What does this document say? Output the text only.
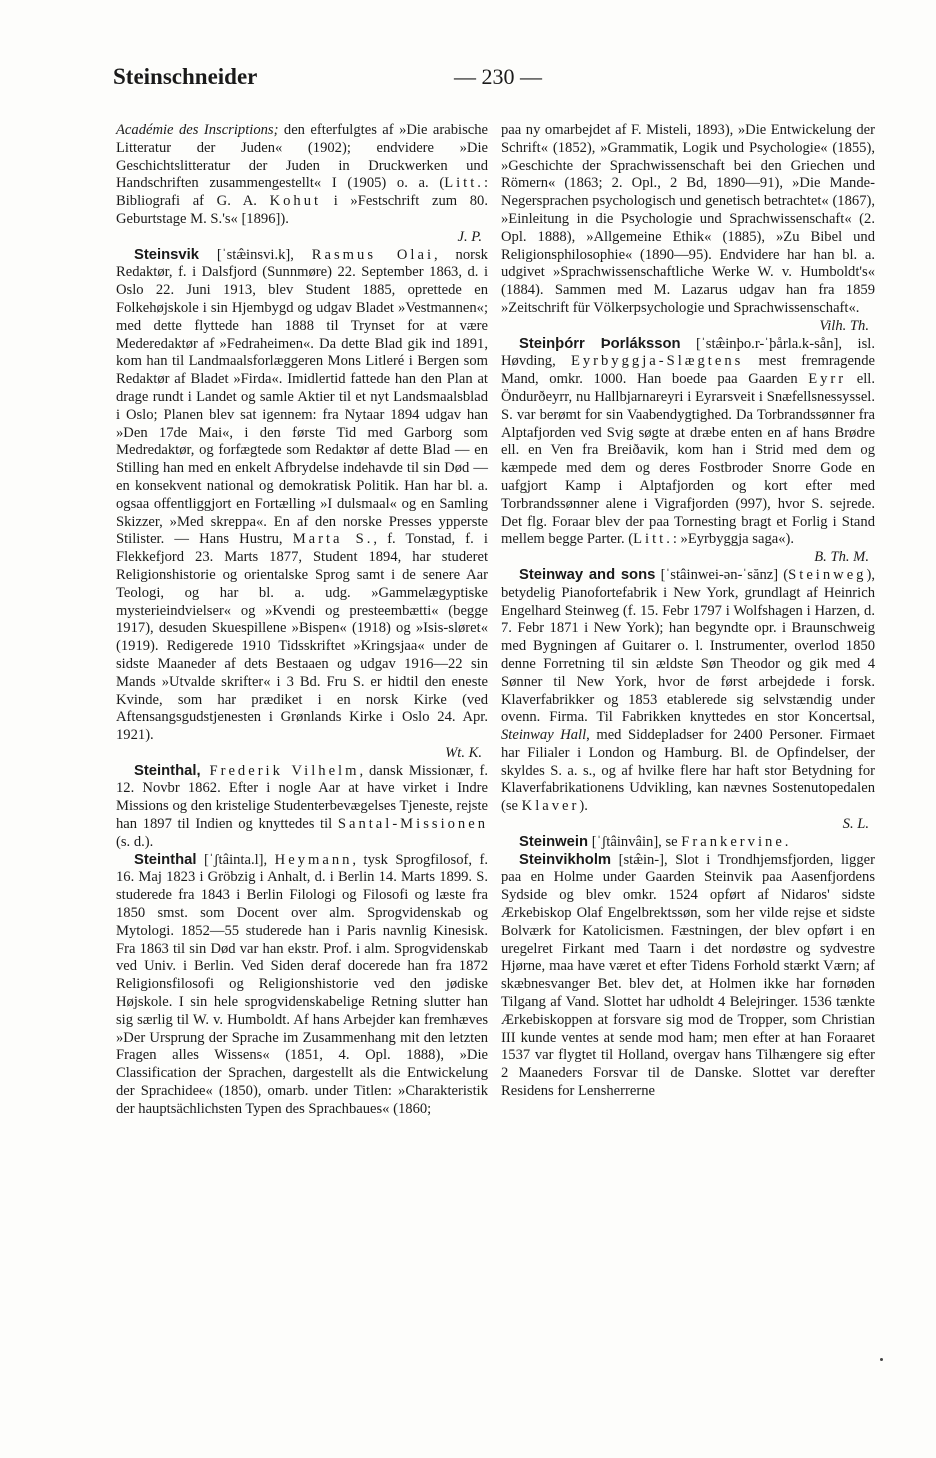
Steinschneider	— 230 —

Académie des Inscriptions; den efterfulgtes af »Die arabische Litteratur der Juden« (1902); endvidere »Die Geschichtslitteratur der Juden in Druckwerken und Handschriften zusammengestellt« I (1905) o. a. (Litt.: Bibliografi af G. A. Kohut i »Festschrift zum 80. Geburtstage M. S.'s« [1896]).

J. P.

Steinsvik [ˈstæ̂insvi.k], Rasmus Olai, norsk Redaktør, f. i Dalsfjord (Sunnmøre) 22. September 1863, d. i Oslo 22. Juni 1913, blev Student 1885, oprettede en Folkehøjskole i sin Hjembygd og udgav Bladet »Vestmannen«; med dette flyttede han 1888 til Trynset for at være Mederedaktør af »Fedraheimen«. Da dette Blad gik ind 1891, kom han til Landmaalsforlæggeren Mons Litleré i Bergen som Redaktør af Bladet »Firda«. Imidlertid fattede han den Plan at drage rundt i Landet og samle Aktier til et nyt Landsmaalsblad i Oslo; Planen blev sat igennem: fra Nytaar 1894 udgav han »Den 17de Mai«, i den første Tid med Garborg som Medredaktør, og forfægtede som Redaktør af dette Blad — en Stilling han med en enkelt Afbrydelse indehavde til sin Død — en konsekvent national og demokratisk Politik. Han har bl. a. ogsaa offentliggjort en Fortælling »I dulsmaal« og en Samling Skizzer, »Med skreppa«. En af den norske Presses ypperste Stilister. — Hans Hustru, Marta S., f. Tonstad, f. i Flekkefjord 23. Marts 1877, Student 1894, har studeret Religionshistorie og orientalske Sprog samt i de senere Aar Teologi, og har bl. a. udg. »Gammelægyptiske mysterieindvielser« og »Kvendi og presteembætti« (begge 1917), desuden Skuespillene »Bispen« (1918) og »Isis-sløret« (1919). Redigerede 1910 Tidsskriftet »Kringsjaa« under de sidste Maaneder af dets Bestaaen og udgav 1916—22 sin Mands »Utvalde skrifter« i 3 Bd. Fru S. er hidtil den eneste Kvinde, som har prædiket i en norsk Kirke (ved Aftensangsgudstjenesten i Grønlands Kirke i Oslo 24. Apr. 1921).

Wt. K.

Steinthal, Frederik Vilhelm, dansk Missionær, f. 12. Novbr 1862. Efter i nogle Aar at have virket i Indre Missions og den kristelige Studenterbevægelses Tjeneste, rejste han 1897 til Indien og knyttedes til Santal-Missionen (s. d.).

Steinthal [ˈʃtâinta.l], Heymann, tysk Sprogfilosof, f. 16. Maj 1823 i Gröbzig i Anhalt, d. i Berlin 14. Marts 1899. S. studerede fra 1843 i Berlin Filologi og Filosofi og læste fra 1850 smst. som Docent over alm. Sprogvidenskab og Mytologi. 1852—55 studerede han i Paris navnlig Kinesisk. Fra 1863 til sin Død var han ekstr. Prof. i alm. Sprogvidenskab ved Univ. i Berlin. Ved Siden deraf docerede han fra 1872 Religionsfilosofi og Religionshistorie ved den jødiske Højskole. I sin hele sprogvidenskabelige Retning slutter han sig særlig til W. v. Humboldt. Af hans Arbejder kan fremhæves »Der Ursprung der Sprache im Zusammenhang mit den letzten Fragen alles Wissens« (1851, 4. Opl. 1888), »Die Classification der Sprachen, dargestellt als die Entwickelung der Sprachidee« (1850), omarb. under Titlen: »Charakteristik der hauptsächlichsten Typen des Sprachbaues« (1860;

paa ny omarbejdet af F. Misteli, 1893), »Die Entwickelung der Schrift« (1852), »Grammatik, Logik und Psychologie« (1855), »Geschichte der Sprachwissenschaft bei den Griechen und Römern« (1863; 2. Opl., 2 Bd, 1890—91), »Die Mande-Negersprachen psychologisch und genetisch betrachtet« (1867), »Einleitung in die Psychologie und Sprachwissenschaft« (2. Opl. 1888), »Allgemeine Ethik« (1885), »Zu Bibel und Religionsphilosophie« (1890—95). Endvidere har han bl. a. udgivet »Sprachwissenschaftliche Werke W. v. Humboldt's« (1884). Sammen med M. Lazarus udgav han fra 1859 »Zeitschrift für Völkerpsychologie und Sprachwissenschaft«.

Vilh. Th.

Steinþórr Þorláksson [ˈstæ̂inþo.r-ˈþårla.k-sån], isl. Høvding, Eyrbyggja-Slægtens mest fremragende Mand, omkr. 1000. Han boede paa Gaarden Eyrr ell. Öndurðeyrr, nu Hallbjarnareyri i Eyrarsveit i Snæfellsnessyssel. S. var berømt for sin Vaabendygtighed. Da Torbrandssønner fra Alptafjorden ved Svig søgte at dræbe enten en af hans Brødre ell. en Ven fra Breiðavik, kom han i Strid med dem og kæmpede med dem og deres Fostbroder Snorre Gode en uafgjort Kamp i Alptafjorden og kort efter med Torbrandssønner alene i Vigrafjorden (997), hvor S. sejrede. Det flg. Foraar blev der paa Tornesting bragt et Forlig i Stand mellem begge Parter. (Litt.: »Eyrbyggja saga«).

B. Th. M.

Steinway and sons [ˈstâinwei-ən-ˈsănz] (Steinweg), betydelig Pianofortefabrik i New York, grundlagt af Heinrich Engelhard Steinweg (f. 15. Febr 1797 i Wolfshagen i Harzen, d. 7. Febr 1871 i New York); han begyndte opr. i Braunschweig med Bygningen af Guitarer o. l. Instrumenter, overlod 1850 denne Forretning til sin ældste Søn Theodor og gik med 4 Sønner til New York, hvor de først arbejdede i forsk. Klaverfabrikker og 1853 etablerede sig selvstændig under ovenn. Firma. Til Fabrikken knyttedes en stor Koncertsal, Steinway Hall, med Siddepladser for 2400 Personer. Firmaet har Filialer i London og Hamburg. Bl. de Opfindelser, der skyldes S. a. s., og af hvilke flere har haft stor Betydning for Klaverfabrikationens Udvikling, kan nævnes Sostenutopedalen (se Klaver).

S. L.

Steinwein [ˈʃtâinvâin], se Frankervine.

Steinvikholm [stæ̂in-], Slot i Trondhjemsfjorden, ligger paa en Holme under Gaarden Steinvik paa Aasenfjordens Sydside og blev omkr. 1524 opført af Nidaros' sidste Ærkebiskop Olaf Engelbrektssøn, som her vilde rejse et sidste Bolværk for Katolicismen. Fæstningen, der blev opført i en uregelret Firkant med Taarn i det nordøstre og sydvestre Hjørne, maa have været et efter Tidens Forhold stærkt Værn; af skæbnesvanger Bet. blev det, at Holmen ikke har fornøden Tilgang af Vand. Slottet har udholdt 4 Belejringer. 1536 tænkte Ærkebiskoppen at forsvare sig mod de Tropper, som Christian III kunde ventes at sende mod ham; men efter at han Foraaret 1537 var flygtet til Holland, overgav hans Tilhængere sig efter 2 Maaneders Forsvar til de Danske. Slottet var derefter Residens for Lensherrerne
